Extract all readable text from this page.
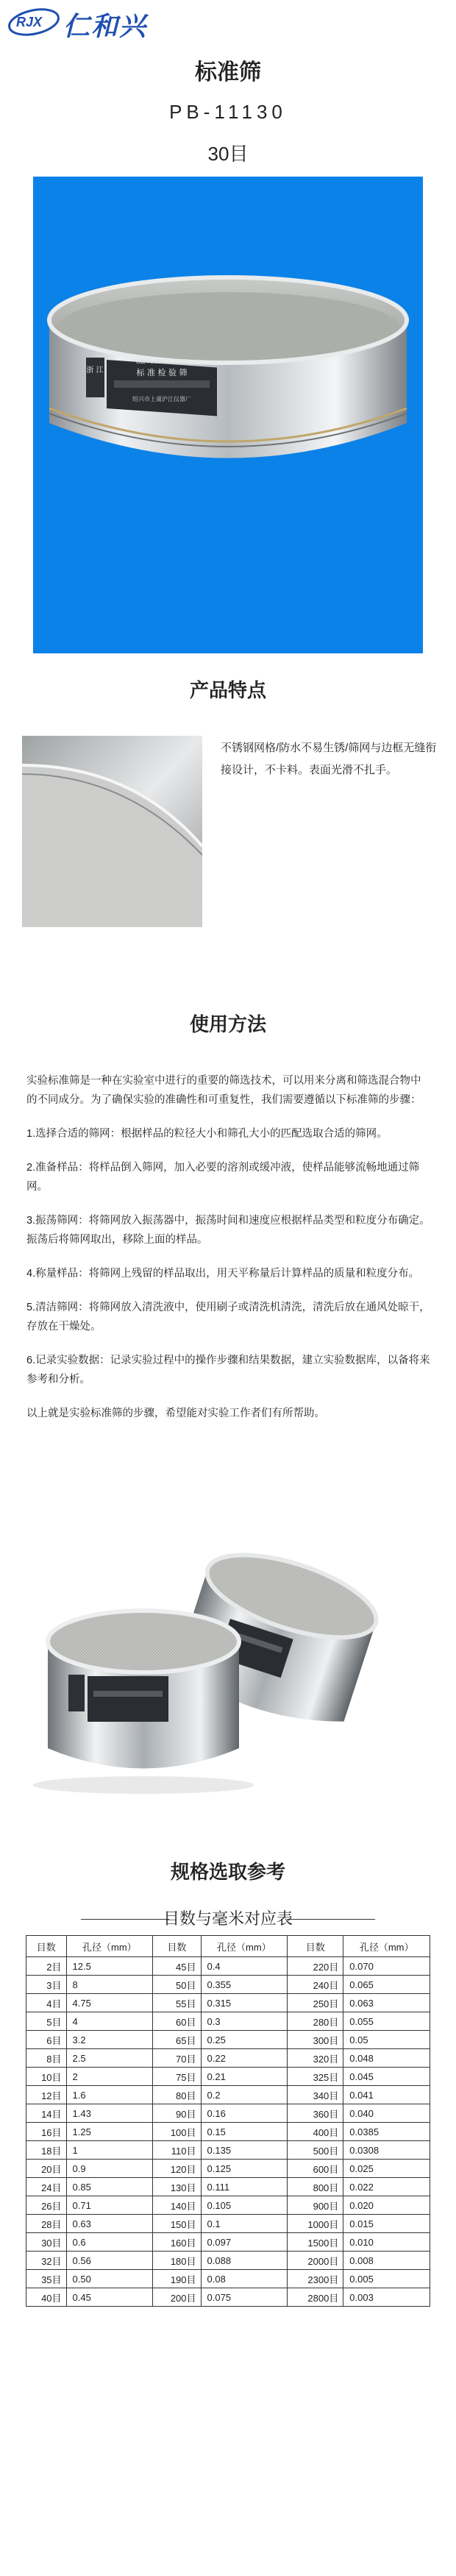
RJX 仁和兴
标准筛
PB-11130
30目
浙 江
GB/T6003.1-2012
标 准 检 验 筛
绍兴市上虞沪江仪器厂
产品特点
不锈钢网格/防水不易生锈/筛网与边框无缝衔接设计，不卡料。表面光滑不扎手。
使用方法

实验标准筛是一种在实验室中进行的重要的筛选技术，可以用来分离和筛选混合物中的不同成分。为了确保实验的准确性和可重复性，我们需要遵循以下标准筛的步骤：

1.选择合适的筛网：根据样品的粒径大小和筛孔大小的匹配选取合适的筛网。

2.准备样品：将样品倒入筛网，加入必要的溶剂或缓冲液，使样品能够流畅地通过筛网。

3.振荡筛网：将筛网放入振荡器中，振荡时间和速度应根据样品类型和粒度分布确定。振荡后将筛网取出，移除上面的样品。

4.称量样品：将筛网上残留的样品取出，用天平称量后计算样品的质量和粒度分布。

5.清洁筛网：将筛网放入清洗液中，使用刷子或清洗机清洗，清洗后放在通风处晾干，存放在干燥处。

6.记录实验数据：记录实验过程中的操作步骤和结果数据，建立实验数据库，以备将来参考和分析。

以上就是实验标准筛的步骤，希望能对实验工作者们有所帮助。

规格选取参考
目数与毫米对应表
目数	孔径（mm）	目数	孔径（mm）	目数	孔径（mm）
2目	12.5	45目	0.4	220目	0.070
3目	8	50目	0.355	240目	0.065
4目	4.75	55目	0.315	250目	0.063
5目	4	60目	0.3	280目	0.055
6目	3.2	65目	0.25	300目	0.05
8目	2.5	70目	0.22	320目	0.048
10目	2	75目	0.21	325目	0.045
12目	1.6	80目	0.2	340目	0.041
14目	1.43	90目	0.16	360目	0.040
16目	1.25	100目	0.15	400目	0.0385
18目	1	110目	0.135	500目	0.0308
20目	0.9	120目	0.125	600目	0.025
24目	0.85	130目	0.111	800目	0.022
26目	0.71	140目	0.105	900目	0.020
28目	0.63	150目	0.1	1000目	0.015
30目	0.6	160目	0.097	1500目	0.010
32目	0.56	180目	0.088	2000目	0.008
35目	0.50	190目	0.08	2300目	0.005
40目	0.45	200目	0.075	2800目	0.003
